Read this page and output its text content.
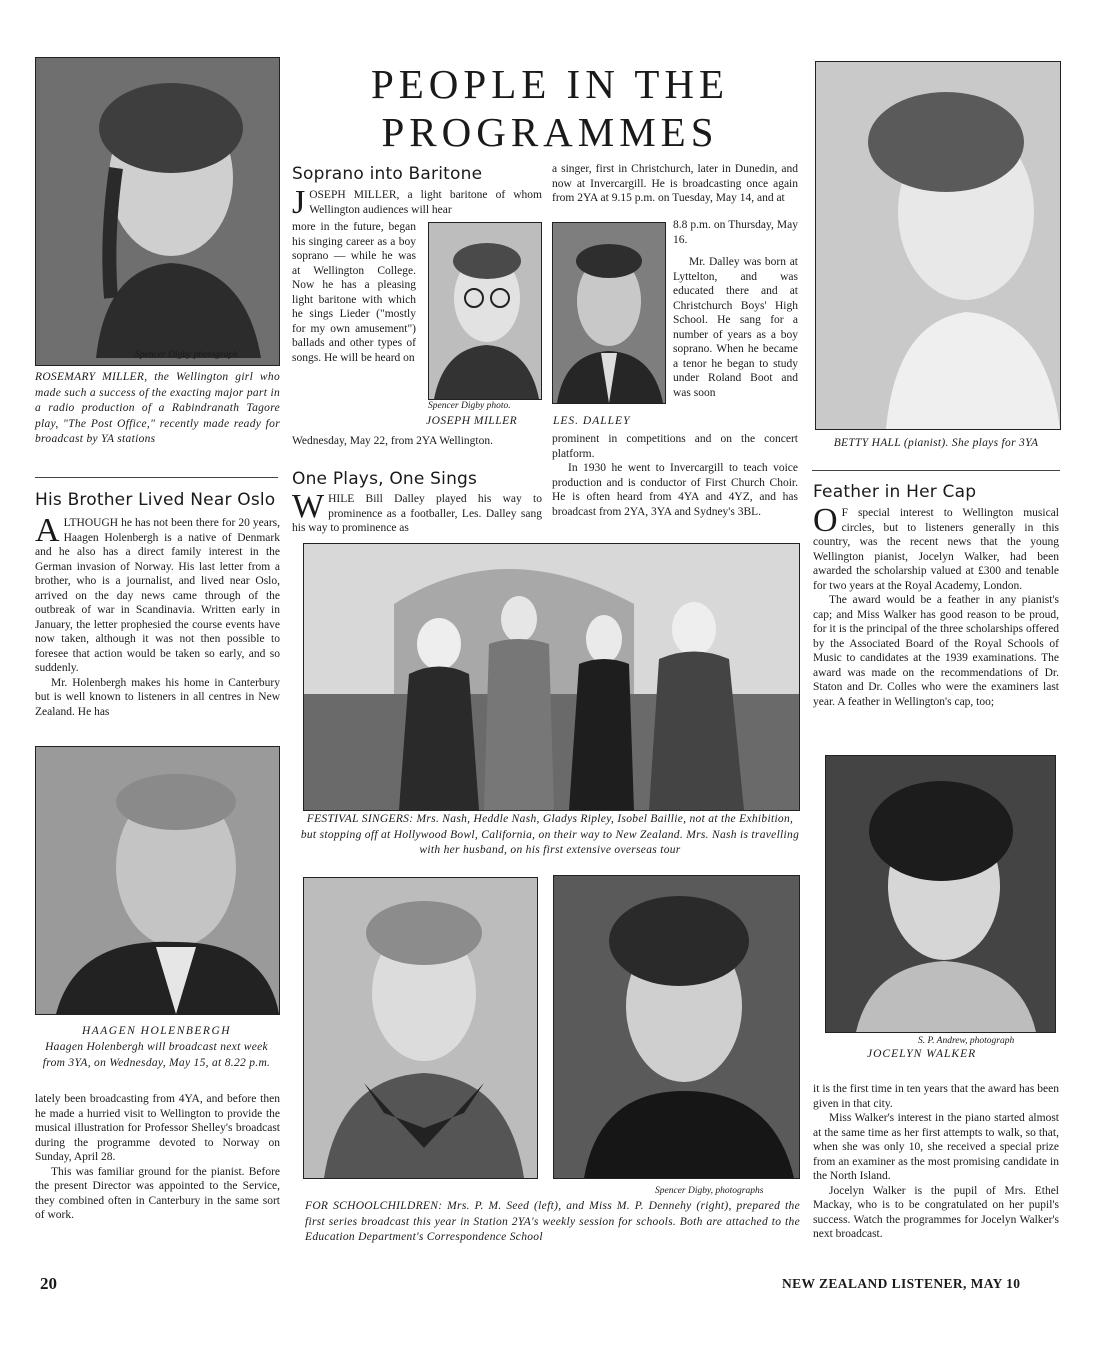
PEOPLE IN THE
PROGRAMMES
Spencer Digby photograph
ROSEMARY MILLER, the Wellington girl who made such a success of the exacting major part in a radio production of a Rabindranath Tagore play, "The Post Office," recently made ready for broadcast by YA stations
His Brother Lived Near Oslo

ALTHOUGH he has not been there for 20 years, Haagen Holenbergh is a native of Denmark and he also has a direct family interest in the German invasion of Norway. His last letter from a brother, who is a journalist, and lived near Oslo, arrived on the day news came through of the outbreak of war in Scandinavia. Written early in January, the letter prophesied the course events have now taken, although it was not then possible to foresee that action would be taken so early, and so suddenly.

Mr. Holenbergh makes his home in Canterbury but is well known to listeners in all centres in New Zealand. He has

HAAGEN HOLENBERGH
Haagen Holenbergh will broadcast next week from 3YA, on Wednesday, May 15, at 8.22 p.m.

lately been broadcasting from 4YA, and before then he made a hurried visit to Wellington to provide the musical illustration for Professor Shelley's broadcast during the programme devoted to Norway on Sunday, April 28.

This was familiar ground for the pianist. Before the present Director was appointed to the Service, they combined often in Canterbury in the same sort of work.

Soprano into Baritone

JOSEPH MILLER, a light baritone of whom Wellington audiences will hear

more in the future, began his singing career as a boy soprano — while he was at Wellington College. Now he has a pleasing light baritone with which he sings Lieder ("mostly for my own amusement") ballads and other types of songs. He will be heard on
Wednesday, May 22, from 2YA Wellington.
Spencer Digby photo.
JOSEPH MILLER	LES. DALLEY
a singer, first in Christchurch, later in Dunedin, and now at Invercargill. He is broadcasting once again from 2YA at 9.15 p.m. on Tuesday, May 14, and at

8.8 p.m. on Thursday, May 16.

Mr. Dalley was born at Lyttelton, and was educated there and at Christchurch Boys' High School. He sang for a number of years as a boy soprano. When he became a tenor he began to study under Roland Boot and was soon

prominent in competitions and on the concert platform.

In 1930 he went to Invercargill to teach voice production and is conductor of First Church Choir. He is often heard from 4YA and 4YZ, and has broadcast from 2YA, 3YA and Sydney's 3BL.

One Plays, One Sings

WHILE Bill Dalley played his way to prominence as a footballer, Les. Dalley sang his way to prominence as

FESTIVAL SINGERS: Mrs. Nash, Heddle Nash, Gladys Ripley, Isobel Baillie, not at the Exhibition, but stopping off at Hollywood Bowl, California, on their way to New Zealand. Mrs. Nash is travelling with her husband, on his first extensive overseas tour
Spencer Digby, photographs
FOR SCHOOLCHILDREN: Mrs. P. M. Seed (left), and Miss M. P. Dennehy (right), prepared the first series broadcast this year in Station 2YA's weekly session for schools. Both are attached to the Education Department's Correspondence School
BETTY HALL (pianist). She plays for 3YA
Feather in Her Cap

O F special interest to Wellington musical circles, but to listeners generally in this country, was the recent news that the young Wellington pianist, Jocelyn Walker, had been awarded the scholarship valued at £300 and tenable for two years at the Royal Academy, London.

The award would be a feather in any pianist's cap; and Miss Walker has good reason to be proud, for it is the principal of the three scholarships offered by the Associated Board of the Royal Schools of Music to candidates at the 1939 examinations. The award was made on the recommendations of Dr. Staton and Dr. Colles who were the examiners last year. A feather in Wellington's cap, too;

S. P. Andrew, photograph
JOCELYN WALKER

it is the first time in ten years that the award has been given in that city.

Miss Walker's interest in the piano started almost at the same time as her first attempts to walk, so that, when she was only 10, she received a special prize from an examiner as the most promising candidate in the North Island.

Jocelyn Walker is the pupil of Mrs. Ethel Mackay, who is to be congratulated on her pupil's success. Watch the programmes for Jocelyn Walker's next broadcast.

20	NEW ZEALAND LISTENER, MAY 10
